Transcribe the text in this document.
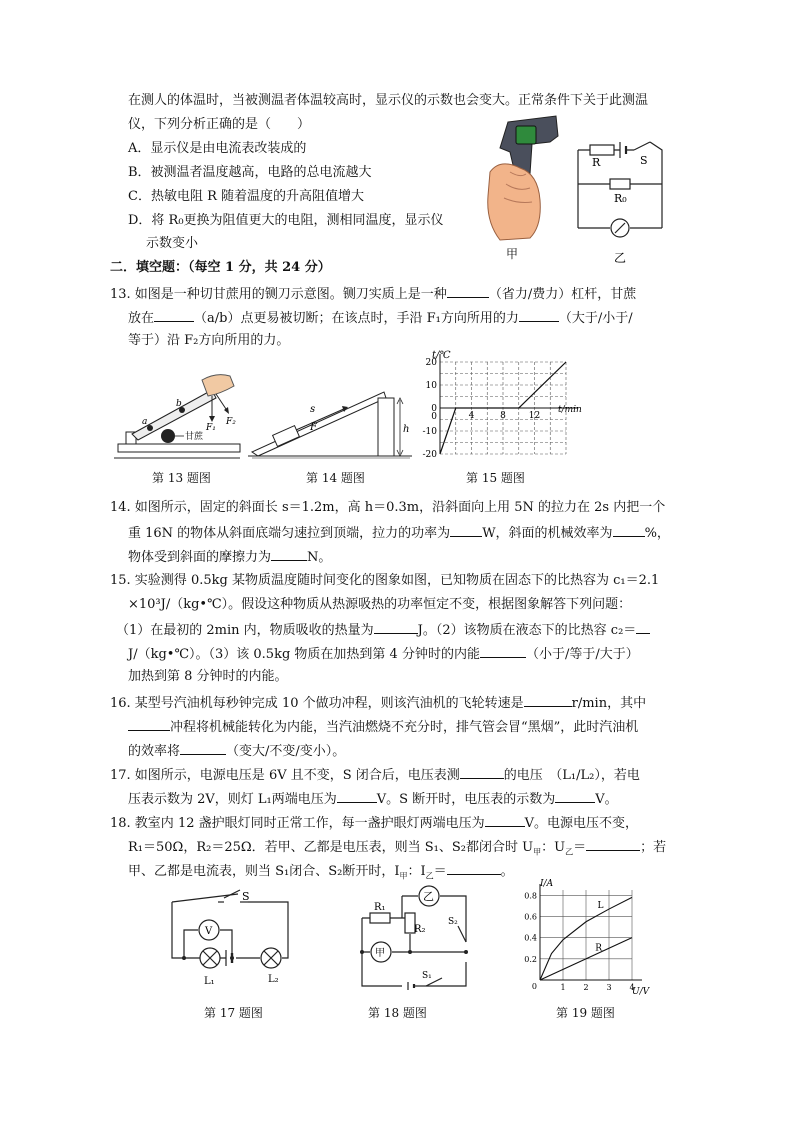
在测人的体温时，当被测温者体温较高时，显示仪的示数也会变大。正常条件下关于此测温
仪，下列分析正确的是（　　）
A．显示仪是由电流表改装成的
B．被测温者温度越高，电路的总电流越大
C．热敏电阻 R 随着温度的升高阻值增大
D．将 R₀更换为阻值更大的电阻，测相同温度，显示仪
示数变小
甲
R	S
R₀
乙
二．填空题：（每空 1 分，共 24 分）
13. 如图是一种切甘蔗用的铡刀示意图。铡刀实质上是一种	（省力/费力）杠杆，甘蔗
放在	（a/b）点更易被切断；在该点时，手沿 F₁方向所用的力	（大于/小于/
等于）沿 F₂方向所用的力。
a
b
F₁
F₂
甘蔗
第 13 题图
s
F	h
第 14 题图
-20
-10
0
10
20
0	4	8	12
t/℃
t/min
第 15 题图
14. 如图所示，固定的斜面长 s＝1.2m，高 h＝0.3m，沿斜面向上用 5N 的拉力在 2s 内把一个
重 16N 的物体从斜面底端匀速拉到顶端，拉力的功率为 W，斜面的机械效率为 %，
物体受到斜面的摩擦力为	N。
15. 实验测得 0.5kg 某物质温度随时间变化的图象如图，已知物质在固态下的比热容为 c₁＝2.1
×10³J/（kg•℃）。假设这种物质从热源吸热的功率恒定不变，根据图象解答下列问题：
（1）在最初的 2min 内，物质吸收的热量为	J。（2）该物质在液态下的比热容 c₂＝
J/（kg•℃）。（3）该 0.5kg 物质在加热到第 4 分钟时的内能	（小于/等于/大于）
加热到第 8 分钟时的内能。
16. 某型号汽油机每秒钟完成 10 个做功冲程，则该汽油机的飞轮转速是	r/min，其中
冲程将机械能转化为内能，当汽油燃烧不充分时，排气管会冒“黑烟”，此时汽油机
的效率将	（变大/不变/变小）。
17. 如图所示，电源电压是 6V 且不变，S 闭合后，电压表测	的电压　（L₁/L₂），若电
压表示数为 2V，则灯 L₁两端电压为	V。S 断开时，电压表的示数为	V。
18. 教室内 12 盏护眼灯同时正常工作，每一盏护眼灯两端电压为	V。电源电压不变，
R₁＝50Ω，R₂＝25Ω．若甲、乙都是电压表，则当 S₁、S₂都闭合时 $U_甲$：$U_乙=$	；若
甲、乙都是电流表，则当 S₁闭合、S₂断开时，$I_甲$：$I_乙=$	。
S
V
L₁	L₂
第 17 题图
R₁
R₂
乙
甲
S₂
S₁
第 18 题图
0.2
0.4
0.6
0.8
0	1 2 3 4
L
R
I/A
U/V
第 19 题图
